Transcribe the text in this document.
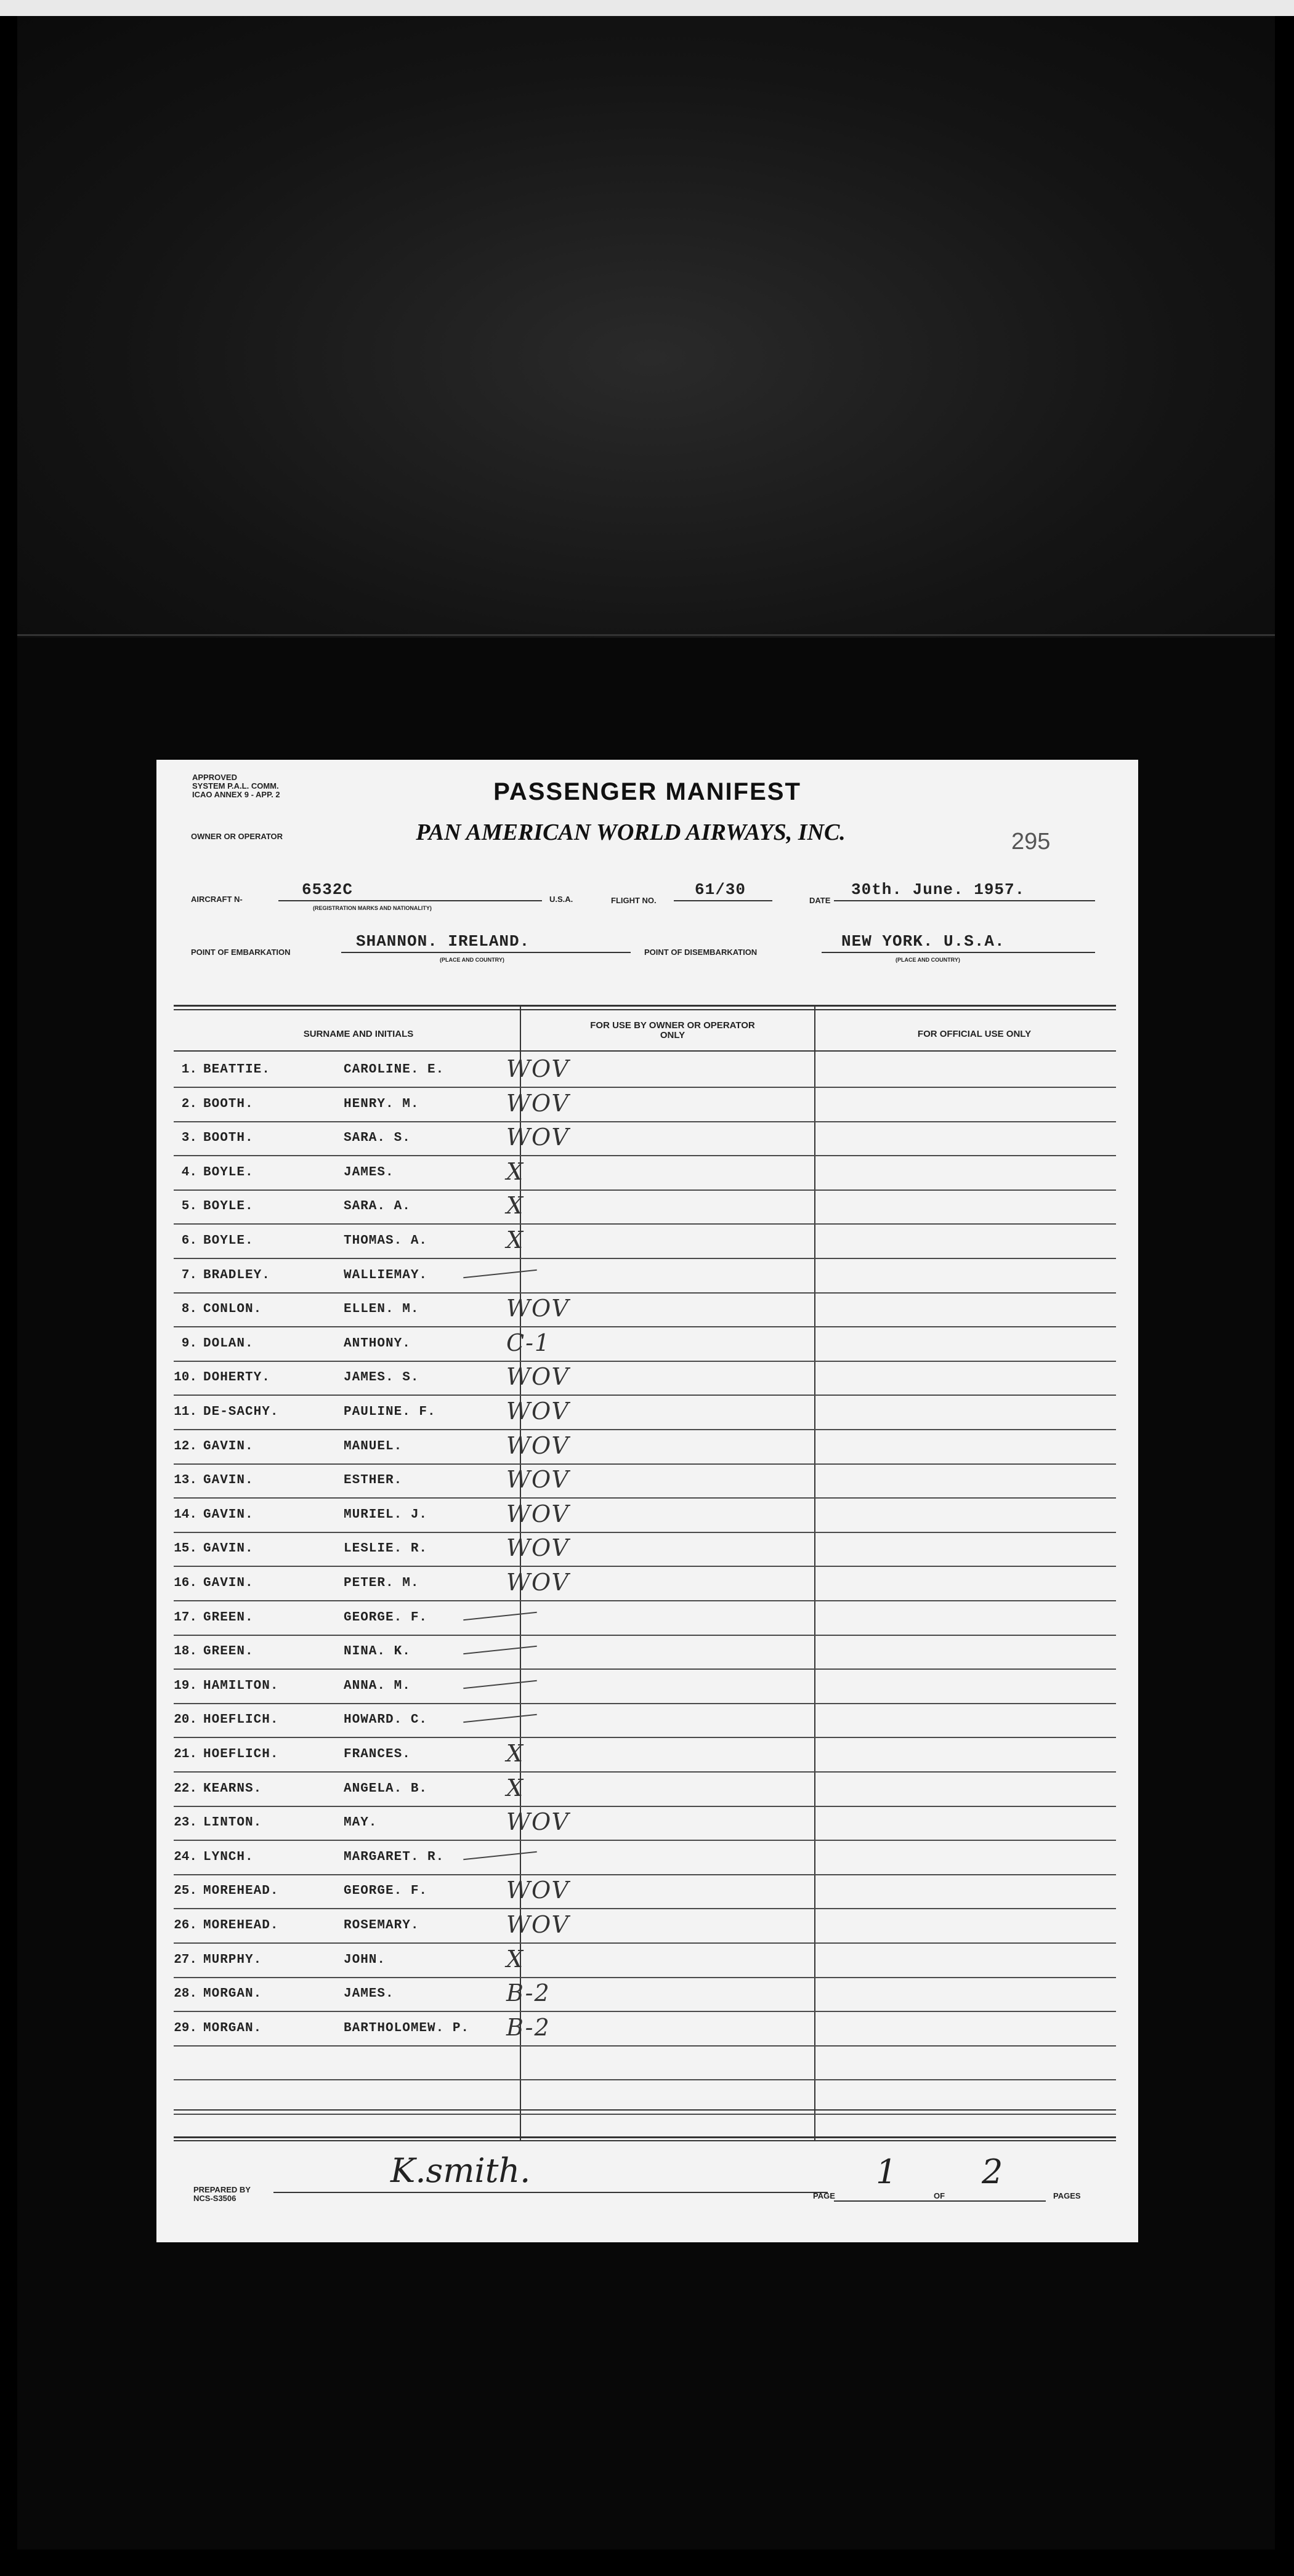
APPROVED
SYSTEM P.A.L. COMM.
ICAO ANNEX 9 - APP. 2	PASSENGER MANIFEST
OWNER OR OPERATOR	PAN AMERICAN WORLD AIRWAYS, INC.	295
AIRCRAFT N-
6532C
(REGISTRATION MARKS AND NATIONALITY)
U.S.A.	FLIGHT NO.
61/30
DATE
30th. June. 1957.
POINT OF EMBARKATION
SHANNON. IRELAND.
(PLACE AND COUNTRY)
POINT OF DISEMBARKATION
NEW YORK. U.S.A.
(PLACE AND COUNTRY)
SURNAME AND INITIALS
FOR USE BY OWNER OR OPERATOR ONLY	FOR OFFICIAL USE ONLY
1. BEATTIE.	CAROLINE. E.	WOV
2. BOOTH.	HENRY. M.	WOV
3. BOOTH.	SARA. S.	WOV
4. BOYLE.	JAMES.	X
5. BOYLE.	SARA. A.	X
6. BOYLE.	THOMAS. A.	X
7. BRADLEY.	WALLIEMAY.
8. CONLON.	ELLEN. M.	WOV
9. DOLAN.	ANTHONY.	C-1
10. DOHERTY.	JAMES. S.	WOV
11. DE-SACHY.	PAULINE. F.	WOV
12. GAVIN.	MANUEL.	WOV
13. GAVIN.	ESTHER.	WOV
14. GAVIN.	MURIEL. J.	WOV
15. GAVIN.	LESLIE. R.	WOV
16. GAVIN.	PETER. M.	WOV
17. GREEN.	GEORGE. F.
18. GREEN.	NINA. K.
19. HAMILTON.	ANNA. M.
20. HOEFLICH.	HOWARD. C.
21. HOEFLICH.	FRANCES.	X
22. KEARNS.	ANGELA. B.	X
23. LINTON.	MAY.	WOV
24. LYNCH.	MARGARET. R.
25. MOREHEAD.	GEORGE. F.	WOV
26. MOREHEAD.	ROSEMARY.	WOV
27. MURPHY.	JOHN.	X
28. MORGAN.	JAMES.	B-2
29. MORGAN.	BARTHOLOMEW. P. B-2
PREPARED BY
NCS-S3506
K.smith.
PAGE
1
OF
2
PAGES
